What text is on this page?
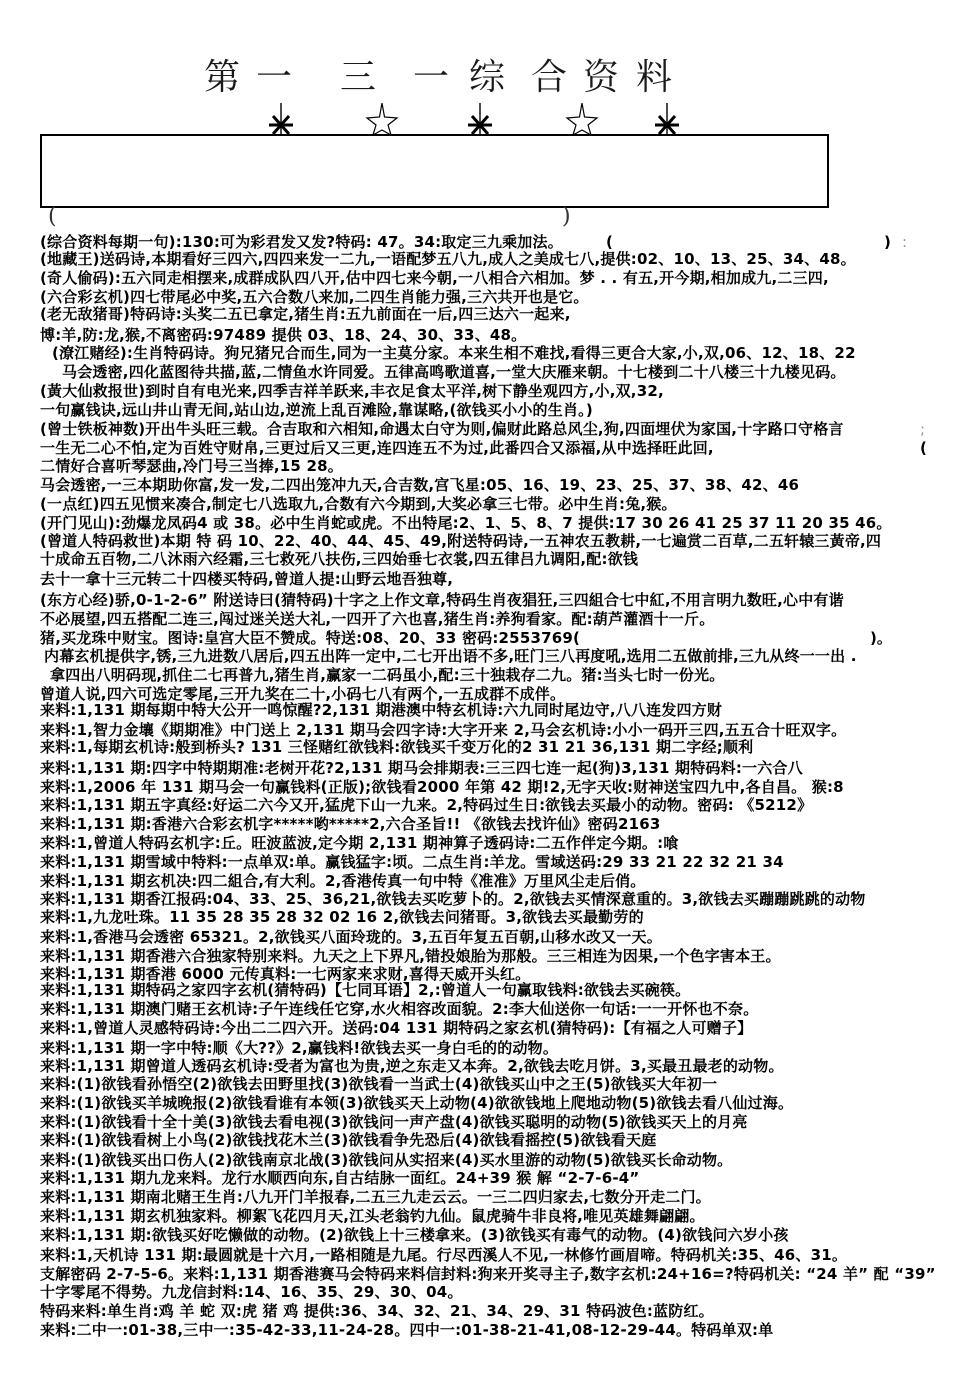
第 一 三 一 综 合 资 料
(	)
(综合资料每期一句):130:可为彩君发又发?特码: 47。34:取定三九乘加法。	(	) :
(地藏王)送码诗,本期看好三四六,四四来发一二九,一语配梦五八九,成人之美成七八,提供:02、10、13、25、34、48。
(奇人偷码):五六同走相摆来,成群成队四八开,估中四七来今朝,一八相合六相加。梦 . . 有五,开今期,相加成九,二三四,
(六合彩玄机)四七带尾必中奖,五六合数八来加,二四生肖能力强,三六共开也是它。
(老无敌猪哥)特码诗:头奖二五已拿定,猪生肖:五九前面在一后,四三达六一起来,
博:羊,防:龙,猴,不离密码:97489 提供 03、18、24、30、33、48。
(潦江赌经):生肖特码诗。狗兄猪兄合而生,同为一主莫分家。本来生相不难找,看得三更合大家,小,双,06、12、18、22
马会透密,四化蓝图待共描,蓝,二情鱼水许同爱。五律高鸣歌道喜,一堂大庆雁来朝。十七楼到二十八楼三十九楼见码。
(黃大仙救报世)到时自有电光来,四季吉祥羊跃来,丰衣足食太平洋,树下静坐观四方,小,双,32,
一句赢钱诀,远山井山青无间,站山边,逆流上乱百滩险,靠谋略,(欲钱买小小的生肖。)
(曾士铁板神数)开出牛头旺三载。合吉取和六相知,命遇太白守为则,偏财此路总风尘,狗,四面埋伏为家国,十字路口守格言	;
一生无二心不怕,定为百姓守财帛,三更过后又三更,连四连五不为过,此番四合又添福,从中选择旺此回,	(
二情好合喜听琴瑟曲,冷门号三当捧,15 28。
马会透密,一三本期助你富,发一发,二四出笼冲九天,合吉数,宫飞星:05、16、19、23、25、37、38、42、46
(一点红)四五见惯来凑合,制定七八选取九,合数有六今期到,大奖必拿三七带。必中生肖:兔,猴。
(开门见山):劲爆龙凤码4 或 38。必中生肖蛇或虎。不出特尾:2、1、5、8、7 提供:17 30 26 41 25 37 11 20 35 46。
(曾道人特码救世)本期 特 码 10、22、40、44、45、49,附送特码诗,一五神农五教耕,一七遍赏二百草,二五轩辕三黃帝,四
十成命五百物,二八沐雨六经霜,三七救死八扶伤,三四始垂七衣裳,四五律吕九调阳,配:欲钱
去十一拿十三元转二十四楼买特码,曾道人提:山野云地吾独尊,
(东方心经)骄,0-1-2-6” 附送诗曰(猜特码)十字之上作文章,特码生肖夜猖狂,三四組合七中紅,不用言明九数旺,心中有谐
不必展望,四五搭配二连三,闯过迷关送大礼,一四开了六也喜,猪生肖:养狗看家。配:葫芦灌酒十一斤。
猪,买龙珠中财宝。图诗:皇宫大臣不赞成。特送:08、20、33 密码:2553769(	)。
内幕玄机提供字,锈,三九进数八居后,四五出阵一定中,二七开出语不多,旺门三八再度吼,选用二五做前排,三九从终一一出 .
拿四出八明码现,抓住二七再普九,猪生肖,赢家一二码虽小,配:三十独栽存二九。猪:当头七时一份光。
曾道人说,四六可选定零尾,三开九奖在二十,小码七八有两个,一五成群不成伴。
来料:1,131 期每期中特大公开一鸣惊醒?2,131 期港澳中特玄机诗:六九同时尾边守,八八连发四方财
来料:1,智力金壤《期期准》中门送上 2,131 期马会四字诗:大字开来 2,马会玄机诗:小小一码开三四,五五合十旺双字。
来料:1,每期玄机诗:般到桥头? 131 三怪赌红欲钱料:欲钱买千变万化的2 31 21 36,131 期二字经;顺利
来料:1,131 期:四字中特期期准:老树开花?2,131 期马会排期表:三三四七连一起(狗)3,131 期特码料:一六合八
来料:1,2006 年 131 期马会一句赢钱料(正版);欲钱看2000 年第 42 期!2,无字天收:财神送宝四九中,各自昌。 猴:8
来料:1,131 期五字真经:好运二六今又开,猛虎下山一九来。2,特码过生日:欲钱去买最小的动物。密码: 《5212》
来料:1,131 期:香港六合彩玄机字*****哟*****2,六合圣旨!! 《欲钱去找许仙》密码2163
来料:1,曾道人特码玄机字:丘。旺波蓝波,定今期 2,131 期神算子透码诗:二五作伴定今期。:喰
来料:1,131 期雪域中特料:一点单双:单。赢钱猛字:顷。二点生肖:羊龙。雪域送码:29 33 21 22 32 21 34
来料:1,131 期玄机决:四二組合,有大利。2,香港传真一句中特《准准》万里风尘走后俏。
来料:1,131 期香江报码:04、33、25、36,21,欲钱去买吃萝卜的。2,欲钱去买情深意重的。3,欲钱去买蹦蹦跳跳的动物
来料:1,九龙吐珠。11 35 28 35 28 32 02 16 2,欲钱去问猪哥。3,欲钱去买最勤劳的
来料:1,香港马会透密 65321。2,欲钱买八面玲珑的。3,五百年复五百朝,山移水改又一天。
来料:1,131 期香港六合独家特别来料。九天之上下界凡,错投娘胎为那般。三三相连为因果,一个色字害本王。
来料:1,131 期香港 6000 元传真料:一七两家来求财,喜得天威开头红。
来料:1,131 期特码之家四字玄机(猜特码)【七同耳语】2,:曾道人一句赢取钱料:欲钱去买碗筷。
来料:1,131 期澳门赌王玄机诗:子午连线任它穿,水火相容改面貌。2:李大仙送你一句话:一一开怀也不奈。
来料:1,曾道人灵感特码诗:今出二二四六开。送码:04 131 期特码之家玄机(猜特码):【有福之人可赠子】
来料:1,131 期一字中特:顺《大??》2,赢钱料!欲钱去买一身白毛的的动物。
来料:1,131 期曾道人透码玄机诗:受者为富也为贵,逆之东走又本奔。2,欲钱去吃月饼。3,买最丑最老的动物。
来料:(1)欲钱看孙悟空(2)欲钱去田野里找(3)欲钱看一当武士(4)欲钱买山中之王(5)欲钱买大年初一
来料:(1)欲钱买羊城晚报(2)欲钱看谁有本领(3)欲钱买天上动物(4)欲欲钱地上爬地动物(5)欲钱去看八仙过海。
来料:(1)欲钱看十全十美(3)欲钱去看电视(3)欲钱问一声产盘(4)欲钱买聪明的动物(5)欲钱买天上的月亮
来料:(1)欲钱看树上小鸟(2)欲钱找花木兰(3)欲钱看争先恐后(4)欲钱看摇控(5)欲钱看天庭
来料:(1)欲钱买出口伤人(2)欲钱南京北战(3)欲钱问从实招来(4)买水里游的动物(5)欲钱买长命动物。
来料:1,131 期九龙来料。龙行水顺西向东,自古结脉一面红。24+39 猴 解 “2-7-6-4”
来料:1,131 期南北赌王生肖:八九开门羊报春,二五三九走云云。一三二四归家去,七数分开走二门。
来料:1,131 期玄机独家料。柳絮飞花四月天,江头老翁钓九仙。鼠虎骑牛非良将,唯见英雄舞翩翩。
来料:1,131 期:欲钱买好吃懒做的动物。(2)欲钱上十三楼拿来。(3)欲钱买有毒气的动物。(4)欲钱问六岁小孩
来料:1,天机诗 131 期:最圆就是十六月,一路相随是九尾。行尽西溪人不见,一林修竹画眉啼。特码机关:35、46、31。
支解密码 2-7-5-6。来料:1,131 期香港赛马会特码来料信封料:狗来开奖寻主子,数字玄机:24+16=?特码机关: “24 羊” 配 “39”
十字零尾不得势。九龙信封料:14、16、35、29、30、04。
特码来料:单生肖:鸡 羊 蛇 双:虎 猪 鸡 提供:36、34、32、21、34、29、31 特码波色:蓝防红。
来料:二中一:01-38,三中一:35-42-33,11-24-28。四中一:01-38-21-41,08-12-29-44。特码单双:单
